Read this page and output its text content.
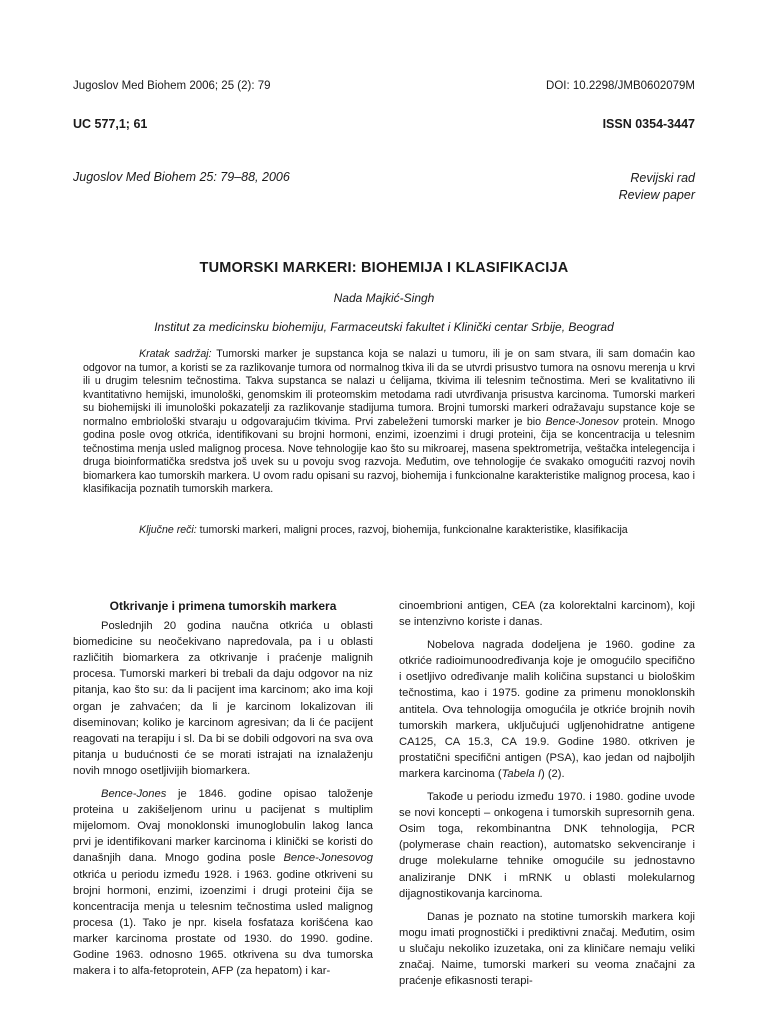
Jugoslov Med Biohem 2006; 25 (2): 79	DOI: 10.2298/JMB0602079M
UC 577,1; 61	ISSN 0354-3447
Jugoslov Med Biohem 25: 79–88, 2006	Revijski rad
Review paper
TUMORSKI MARKERI: BIOHEMIJA I KLASIFIKACIJA
Nada Majkić-Singh
Institut za medicinsku biohemiju, Farmaceutski fakultet i Klinički centar Srbije, Beograd
Kratak sadržaj: Tumorski marker je supstanca koja se nalazi u tumoru, ili je on sam stvara, ili sam domaćin kao odgovor na tumor, a koristi se za razlikovanje tumora od normalnog tkiva ili da se utvrdi prisustvo tumora na osnovu merenja u krvi ili u drugim telesnim tečnostima. Takva supstanca se nalazi u ćelijama, tkivima ili telesnim tečnostima. Meri se kvalitativno ili kvantitativno hemijski, imunološki, genomskim ili proteomskim metodama radi utvrđivanja prisustva karcinoma. Tumorski markeri su biohemijski ili imunološki pokazatelji za razlikovanje stadijuma tumora. Brojni tumorski markeri odražavaju supstance koje se normalno embriološki stvaraju u odgovarajućim tkivima. Prvi zabeleženi tumorski marker je bio Bence-Jonesov protein. Mnogo godina posle ovog otkrića, identifikovani su brojni hormoni, enzimi, izoenzimi i drugi proteini, čija se koncentracija u telesnim tečnostima menja usled malignog procesa. Nove tehnologije kao što su mikroarej, masena spektrometrija, veštačka intelegencija i druga bioinformatička sredstva još uvek su u povoju svog razvoja. Međutim, ove tehnologije će svakako omogućiti razvoj novih biomarkera kao tumorskih markera. U ovom radu opisani su razvoj, biohemija i funkcionalne karakteristike malignog procesa, kao i klasifikacija poznatih tumorskih markera.
Ključne reči: tumorski markeri, maligni proces, razvoj, biohemija, funkcionalne karakteristike, klasifikacija
Otkrivanje i primena tumorskih markera

Poslednjih 20 godina naučna otkrića u oblasti biomedicine su neočekivano napredovala, pa i u oblasti različitih biomarkera za otkrivanje i praćenje malignih procesa. Tumorski markeri bi trebali da daju odgovor na niz pitanja, kao što su: da li pacijent ima karcinom; ako ima koji organ je zahvaćen; da li je karcinom lokalizovan ili diseminovan; koliko je karcinom agresivan; da li će pacijent reagovati na terapiju i sl. Da bi se dobili odgovori na sva ova pitanja u budućnosti će se morati istrajati na iznalaženju novih mnogo osetljivijih biomarkera.

Bence-Jones je 1846. godine opisao taloženje proteina u zakišeljenom urinu u pacijenat s multiplim mijelomom. Ovaj monoklonski imunoglobulin lakog lanca prvi je identifikovani marker karcinoma i klinički se koristi do današnjih dana. Mnogo godina posle Bence-Jonesovog otkrića u periodu između 1928. i 1963. godine otkriveni su brojni hormoni, enzimi, izoenzimi i drugi proteini čija se koncentracija menja u telesnim tečnostima usled malignog procesa (1). Tako je npr. kisela fosfataza korišćena kao marker karcinoma prostate od 1930. do 1990. godine. Godine 1963. odnosno 1965. otkrivena su dva tumorska makera i to alfa-fetoprotein, AFP (za hepatom) i kar-

cinoembrioni antigen, CEA (za kolorektalni karcinom), koji se intenzivno koriste i danas.

Nobelova nagrada dodeljena je 1960. godine za otkriće radioimunoodređivanja koje je omogućilo specifično i osetljivo određivanje malih količina supstanci u biološkim tečnostima, kao i 1975. godine za primenu monoklonskih antitela. Ova tehnologija omogućila je otkriće brojnih novih tumorskih markera, uključujući ugljenohidratne antigene CA125, CA 15.3, CA 19.9. Godine 1980. otkriven je prostatični specifični antigen (PSA), kao jedan od najboljih markera karcinoma (Tabela I) (2).

Takođe u periodu između 1970. i 1980. godine uvode se novi koncepti – onkogena i tumorskih supresornih gena. Osim toga, rekombinantna DNK tehnologija, PCR (polymerase chain reaction), automatsko sekvenciranje i druge molekularne tehnike omogućile su jednostavno analiziranje DNK i mRNK u oblasti molekularnog dijagnostikovanja karcinoma.

Danas je poznato na stotine tumorskih markera koji mogu imati prognostički i prediktivni značaj. Međutim, osim u slučaju nekoliko izuzetaka, oni za kliničare nemaju veliki značaj. Naime, tumorski markeri su veoma značajni za praćenje efikasnosti terapi-
